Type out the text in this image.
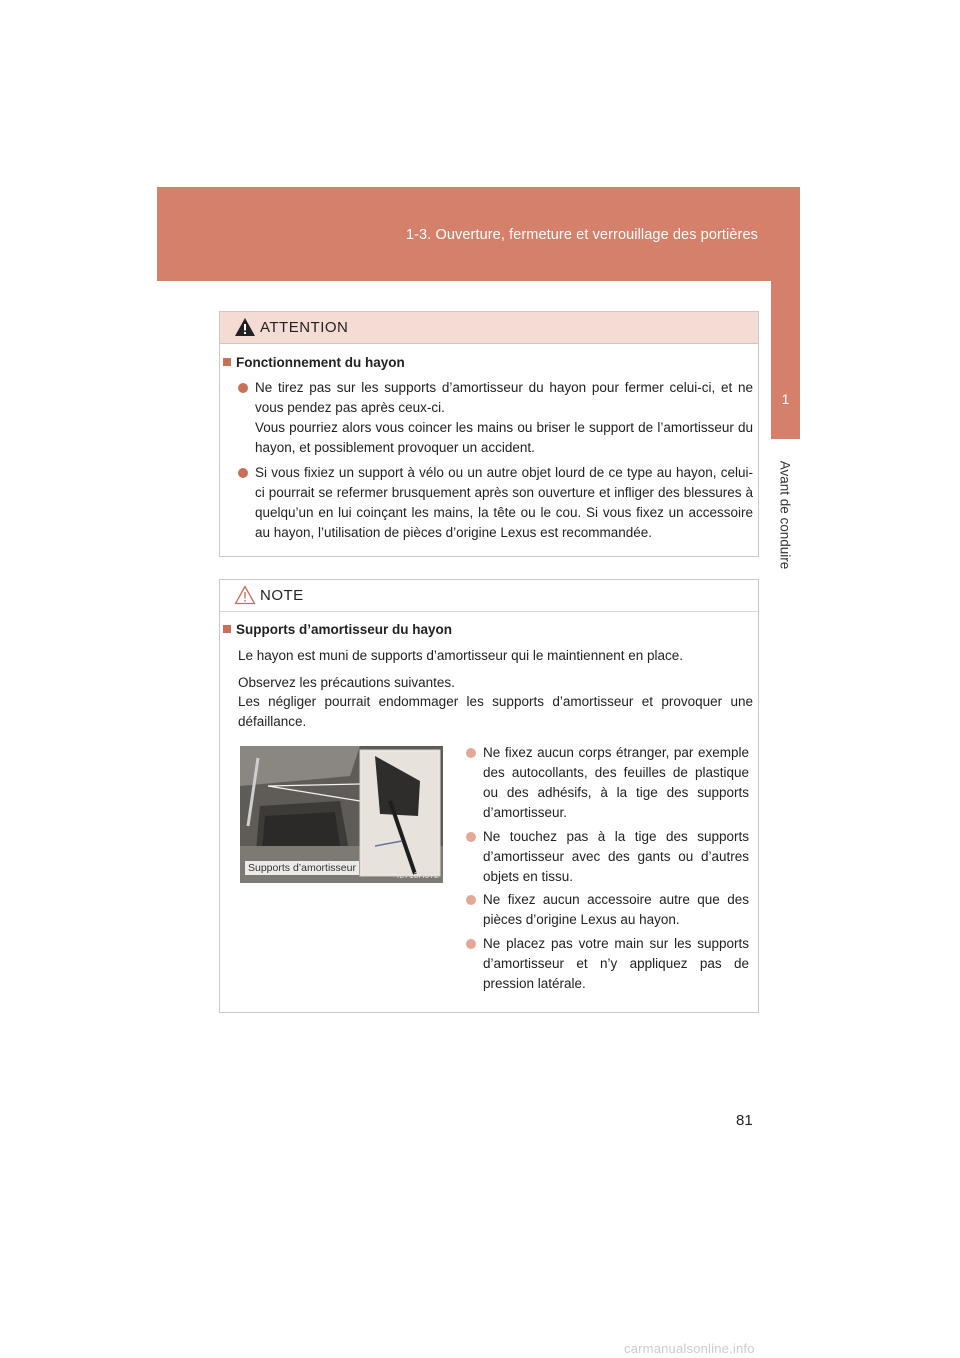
1-3. Ouverture, fermeture et verrouillage des portières
1
Avant de conduire
ATTENTION
Fonctionnement du hayon
Ne tirez pas sur les supports d’amortisseur du hayon pour fermer celui-ci, et ne vous pendez pas après ceux-ci.
Vous pourriez alors vous coincer les mains ou briser le support de l’amortisseur du hayon, et possiblement provoquer un accident.
Si vous fixiez un support à vélo ou un autre objet lourd de ce type au hayon, celui-ci pourrait se refermer brusquement après son ouverture et infliger des blessures à quelqu’un en lui coinçant les mains, la tête ou le cou. Si vous fixez un accessoire au hayon, l’utilisation de pièces d’origine Lexus est recommandée.
NOTE
Supports d’amortisseur du hayon
Le hayon est muni de supports d’amortisseur qui le maintiennent en place.
Observez les précautions suivantes.
Les négliger pourrait endommager les supports d’amortisseur et provoquer une défaillance.
Supports d’amortisseur
ILY13H072
Ne fixez aucun corps étranger, par exemple des autocollants, des feuilles de plastique ou des adhésifs, à la tige des supports d’amortisseur.
Ne touchez pas à la tige des supports d’amortisseur avec des gants ou d’autres objets en tissu.
Ne fixez aucun accessoire autre que des pièces d’origine Lexus au hayon.
Ne placez pas votre main sur les supports d’amortisseur et n’y appliquez pas de pression latérale.
81
carmanualsonline.info
